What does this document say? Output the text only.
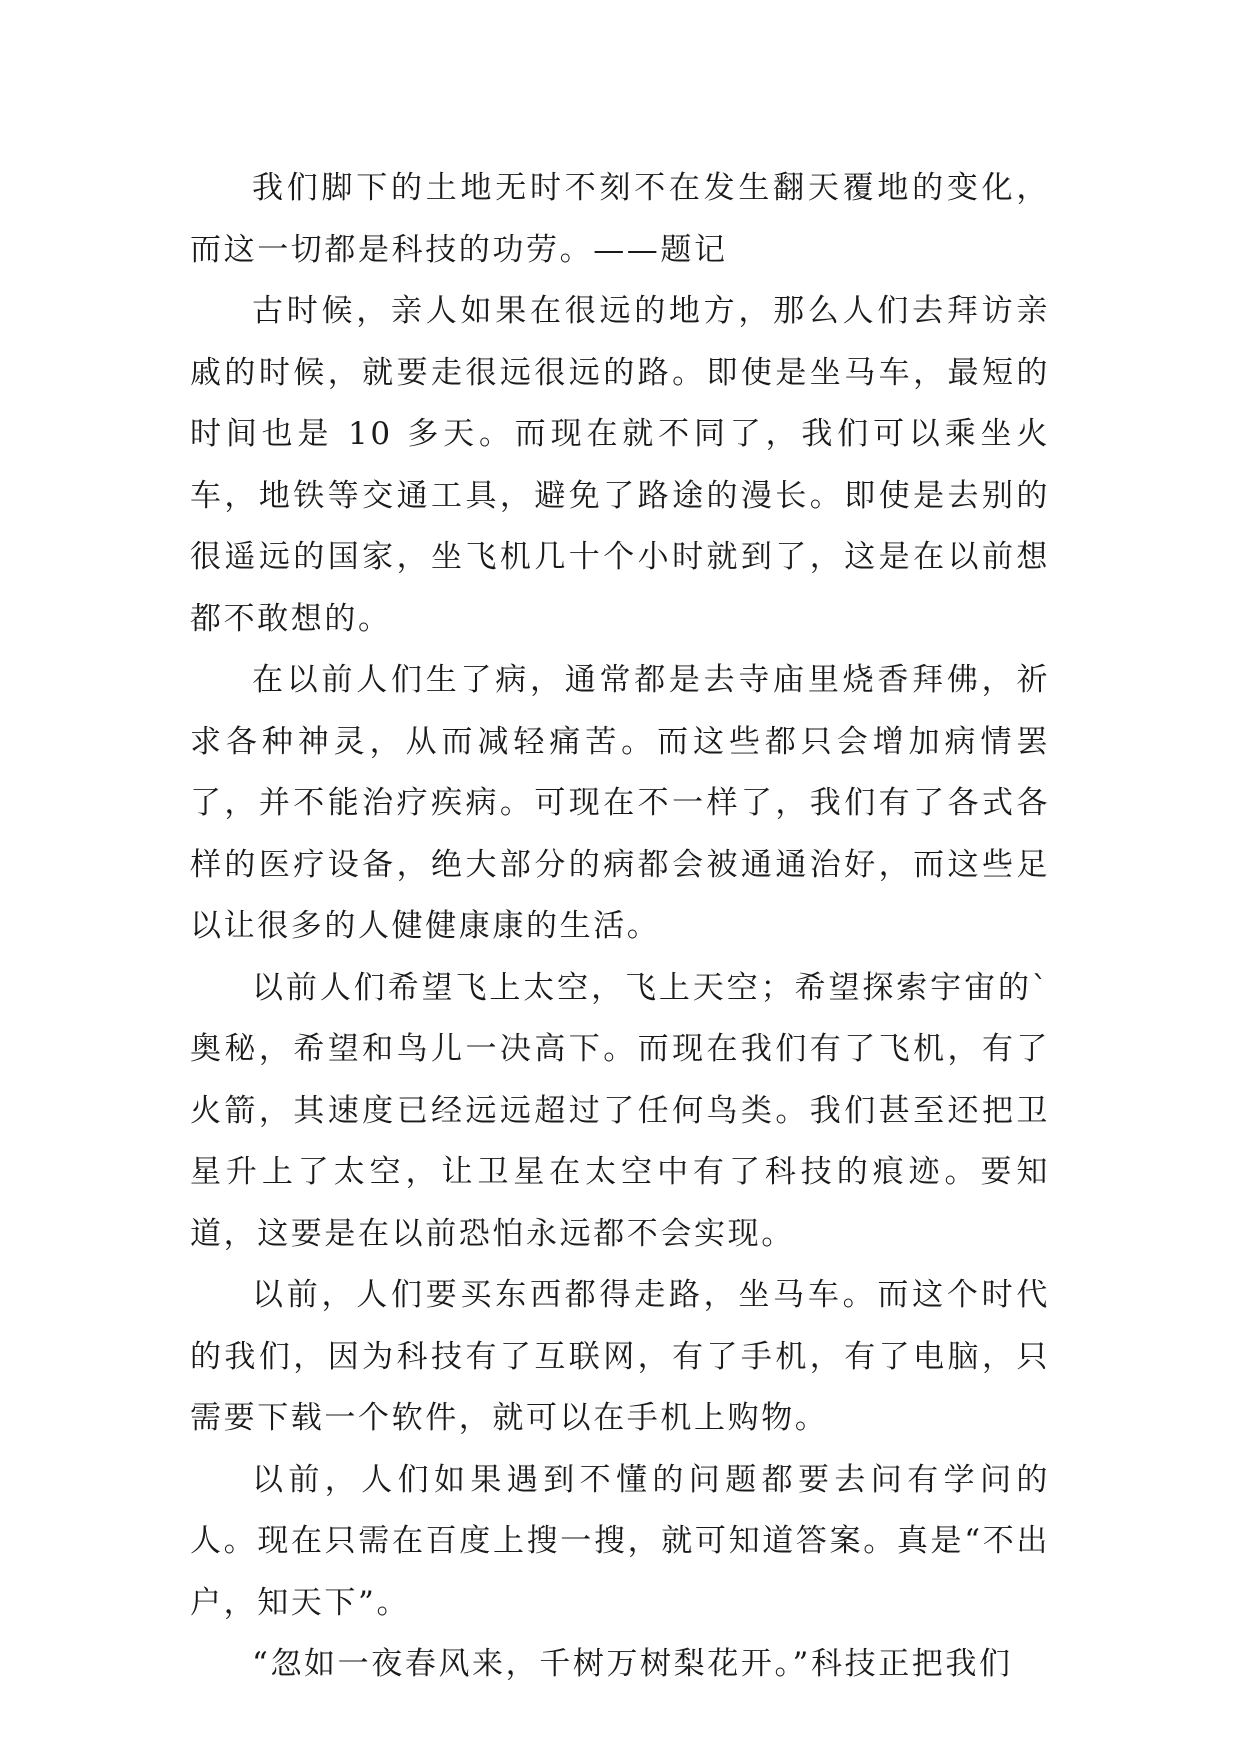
我们脚下的土地无时不刻不在发生翻天覆地的变化，而这一切都是科技的功劳。——题记

古时候，亲人如果在很远的地方，那么人们去拜访亲戚的时候，就要走很远很远的路。即使是坐马车，最短的时间也是 10 多天。而现在就不同了，我们可以乘坐火车，地铁等交通工具，避免了路途的漫长。即使是去别的很遥远的国家，坐飞机几十个小时就到了，这是在以前想都不敢想的。

在以前人们生了病，通常都是去寺庙里烧香拜佛，祈求各种神灵，从而减轻痛苦。而这些都只会增加病情罢了，并不能治疗疾病。可现在不一样了，我们有了各式各样的医疗设备，绝大部分的病都会被通通治好，而这些足以让很多的人健健康康的生活。

以前人们希望飞上太空，飞上天空；希望探索宇宙的`奥秘，希望和鸟儿一决高下。而现在我们有了飞机，有了火箭，其速度已经远远超过了任何鸟类。我们甚至还把卫星升上了太空，让卫星在太空中有了科技的痕迹。要知道，这要是在以前恐怕永远都不会实现。

以前，人们要买东西都得走路，坐马车。而这个时代的我们，因为科技有了互联网，有了手机，有了电脑，只需要下载一个软件，就可以在手机上购物。

以前，人们如果遇到不懂的问题都要去问有学问的人。现在只需在百度上搜一搜，就可知道答案。真是“不出户，知天下”。

“忽如一夜春风来，千树万树梨花开。”科技正把我们
